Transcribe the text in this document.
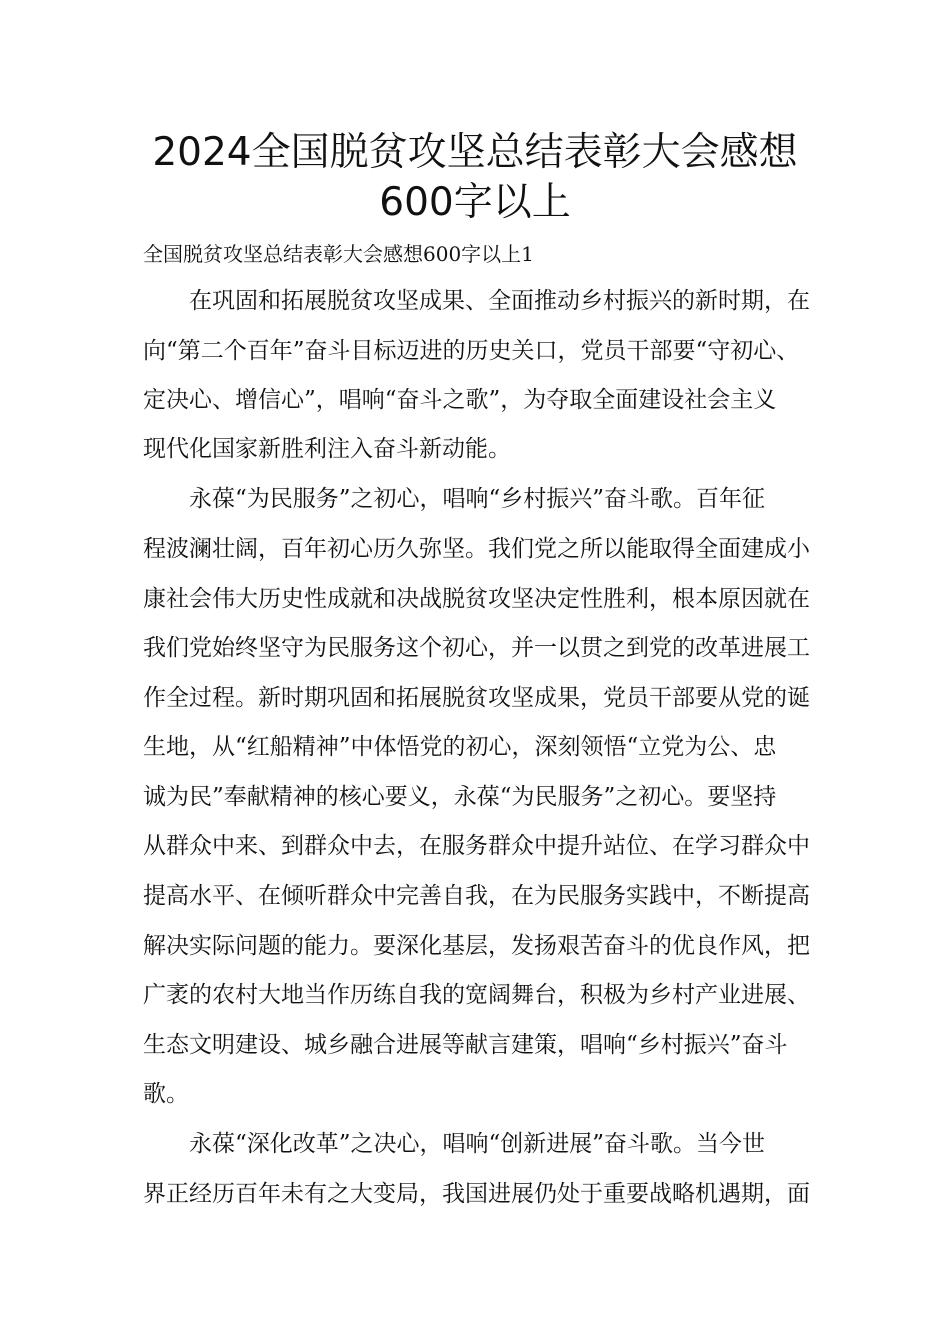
2024全国脱贫攻坚总结表彰大会感想
600字以上

全国脱贫攻坚总结表彰大会感想600字以上1

　　在巩固和拓展脱贫攻坚成果、全面推动乡村振兴的新时期，在

向“第二个百年”奋斗目标迈进的历史关口，党员干部要“守初心、

定决心、增信心”，唱响“奋斗之歌”，为夺取全面建设社会主义

现代化国家新胜利注入奋斗新动能。

　　永葆“为民服务”之初心，唱响“乡村振兴”奋斗歌。百年征

程波澜壮阔，百年初心历久弥坚。我们党之所以能取得全面建成小

康社会伟大历史性成就和决战脱贫攻坚决定性胜利，根本原因就在

我们党始终坚守为民服务这个初心，并一以贯之到党的改革进展工

作全过程。新时期巩固和拓展脱贫攻坚成果，党员干部要从党的诞

生地，从“红船精神”中体悟党的初心，深刻领悟“立党为公、忠

诚为民”奉献精神的核心要义，永葆“为民服务”之初心。要坚持

从群众中来、到群众中去，在服务群众中提升站位、在学习群众中

提高水平、在倾听群众中完善自我，在为民服务实践中，不断提高

解决实际问题的能力。要深化基层，发扬艰苦奋斗的优良作风，把

广袤的农村大地当作历练自我的宽阔舞台，积极为乡村产业进展、

生态文明建设、城乡融合进展等献言建策，唱响“乡村振兴”奋斗

歌。

　　永葆“深化改革”之决心，唱响“创新进展”奋斗歌。当今世

界正经历百年未有之大变局，我国进展仍处于重要战略机遇期，面
